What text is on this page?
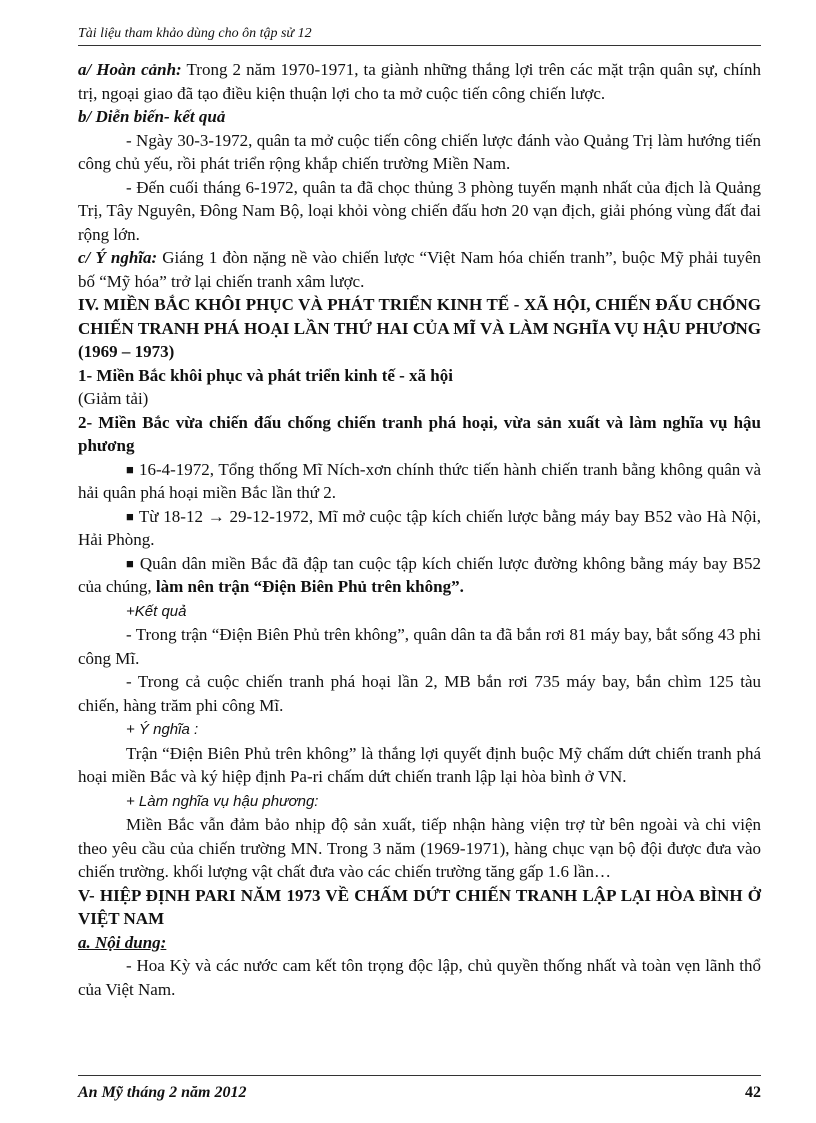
Tài liệu tham khảo dùng cho ôn tập sử 12

a/ Hoàn cảnh: Trong 2 năm 1970-1971, ta giành những thắng lợi trên các mặt trận quân sự, chính trị, ngoại giao đã tạo điều kiện thuận lợi cho ta mở cuộc tiến công chiến lược.

b/ Diễn biến- kết quả

- Ngày 30-3-1972, quân ta mở cuộc tiến công chiến lược đánh vào Quảng Trị làm hướng tiến công chủ yếu, rồi phát triển rộng khắp chiến trường Miền Nam.

- Đến cuối tháng 6-1972, quân ta đã chọc thủng 3 phòng tuyến mạnh nhất của địch là Quảng Trị, Tây Nguyên, Đông Nam Bộ, loại khỏi vòng chiến đấu hơn 20 vạn địch, giải phóng vùng đất đai rộng lớn.

c/ Ý nghĩa: Giáng 1 đòn nặng nề vào chiến lược “Việt Nam hóa chiến tranh”, buộc Mỹ phải tuyên bố “Mỹ hóa” trở lại chiến tranh xâm lược.

IV. MIỀN BẮC KHÔI PHỤC VÀ PHÁT TRIỂN KINH TẾ - XÃ HỘI, CHIẾN ĐẤU CHỐNG CHIẾN TRANH PHÁ HOẠI LẦN THỨ HAI CỦA MĨ VÀ LÀM NGHĨA VỤ HẬU PHƯƠNG (1969 – 1973)

1- Miền Bắc khôi phục và phát triển kinh tế - xã hội

(Giảm tải)

2- Miền Bắc vừa chiến đấu chống chiến tranh phá hoại, vừa sản xuất và làm nghĩa vụ hậu phương

■ 16-4-1972, Tổng thống Mĩ Ních-xơn chính thức tiến hành chiến tranh bằng không quân và hải quân phá hoại miền Bắc lần thứ 2.

■ Từ 18-12 → 29-12-1972, Mĩ mở cuộc tập kích chiến lược bằng máy bay B52 vào Hà Nội, Hải Phòng.

■ Quân dân miền Bắc đã đập tan cuộc tập kích chiến lược đường không bằng máy bay B52 của chúng, làm nên trận “Điện Biên Phủ trên không”.

+Kết quả

- Trong trận “Điện Biên Phủ trên không”, quân dân ta đã bắn rơi 81 máy bay, bắt sống 43 phi công Mĩ.

- Trong cả cuộc chiến tranh phá hoại lần 2, MB bắn rơi 735 máy bay, bắn chìm 125 tàu chiến, hàng trăm phi công Mĩ.

+ Ý nghĩa :

Trận “Điện Biên Phủ trên không” là thắng lợi quyết định buộc Mỹ chấm dứt chiến tranh phá hoại miền Bắc và ký hiệp định Pa-ri chấm dứt chiến tranh lập lại hòa bình ở VN.

+ Làm nghĩa vụ hậu phương:

Miền Bắc vẫn đảm bảo nhịp độ sản xuất, tiếp nhận hàng viện trợ từ bên ngoài và chi viện theo yêu cầu của chiến trường MN. Trong 3 năm (1969-1971), hàng chục vạn bộ đội được đưa vào chiến trường. khối lượng vật chất đưa vào các chiến trường tăng gấp 1.6 lần…

V- HIỆP ĐỊNH PARI NĂM 1973 VỀ CHẤM DỨT CHIẾN TRANH LẬP LẠI HÒA BÌNH Ở VIỆT NAM

a. Nội dung:

- Hoa Kỳ và các nước cam kết tôn trọng độc lập, chủ quyền thống nhất và toàn vẹn lãnh thổ của Việt Nam.

An Mỹ tháng 2 năm 2012	42
